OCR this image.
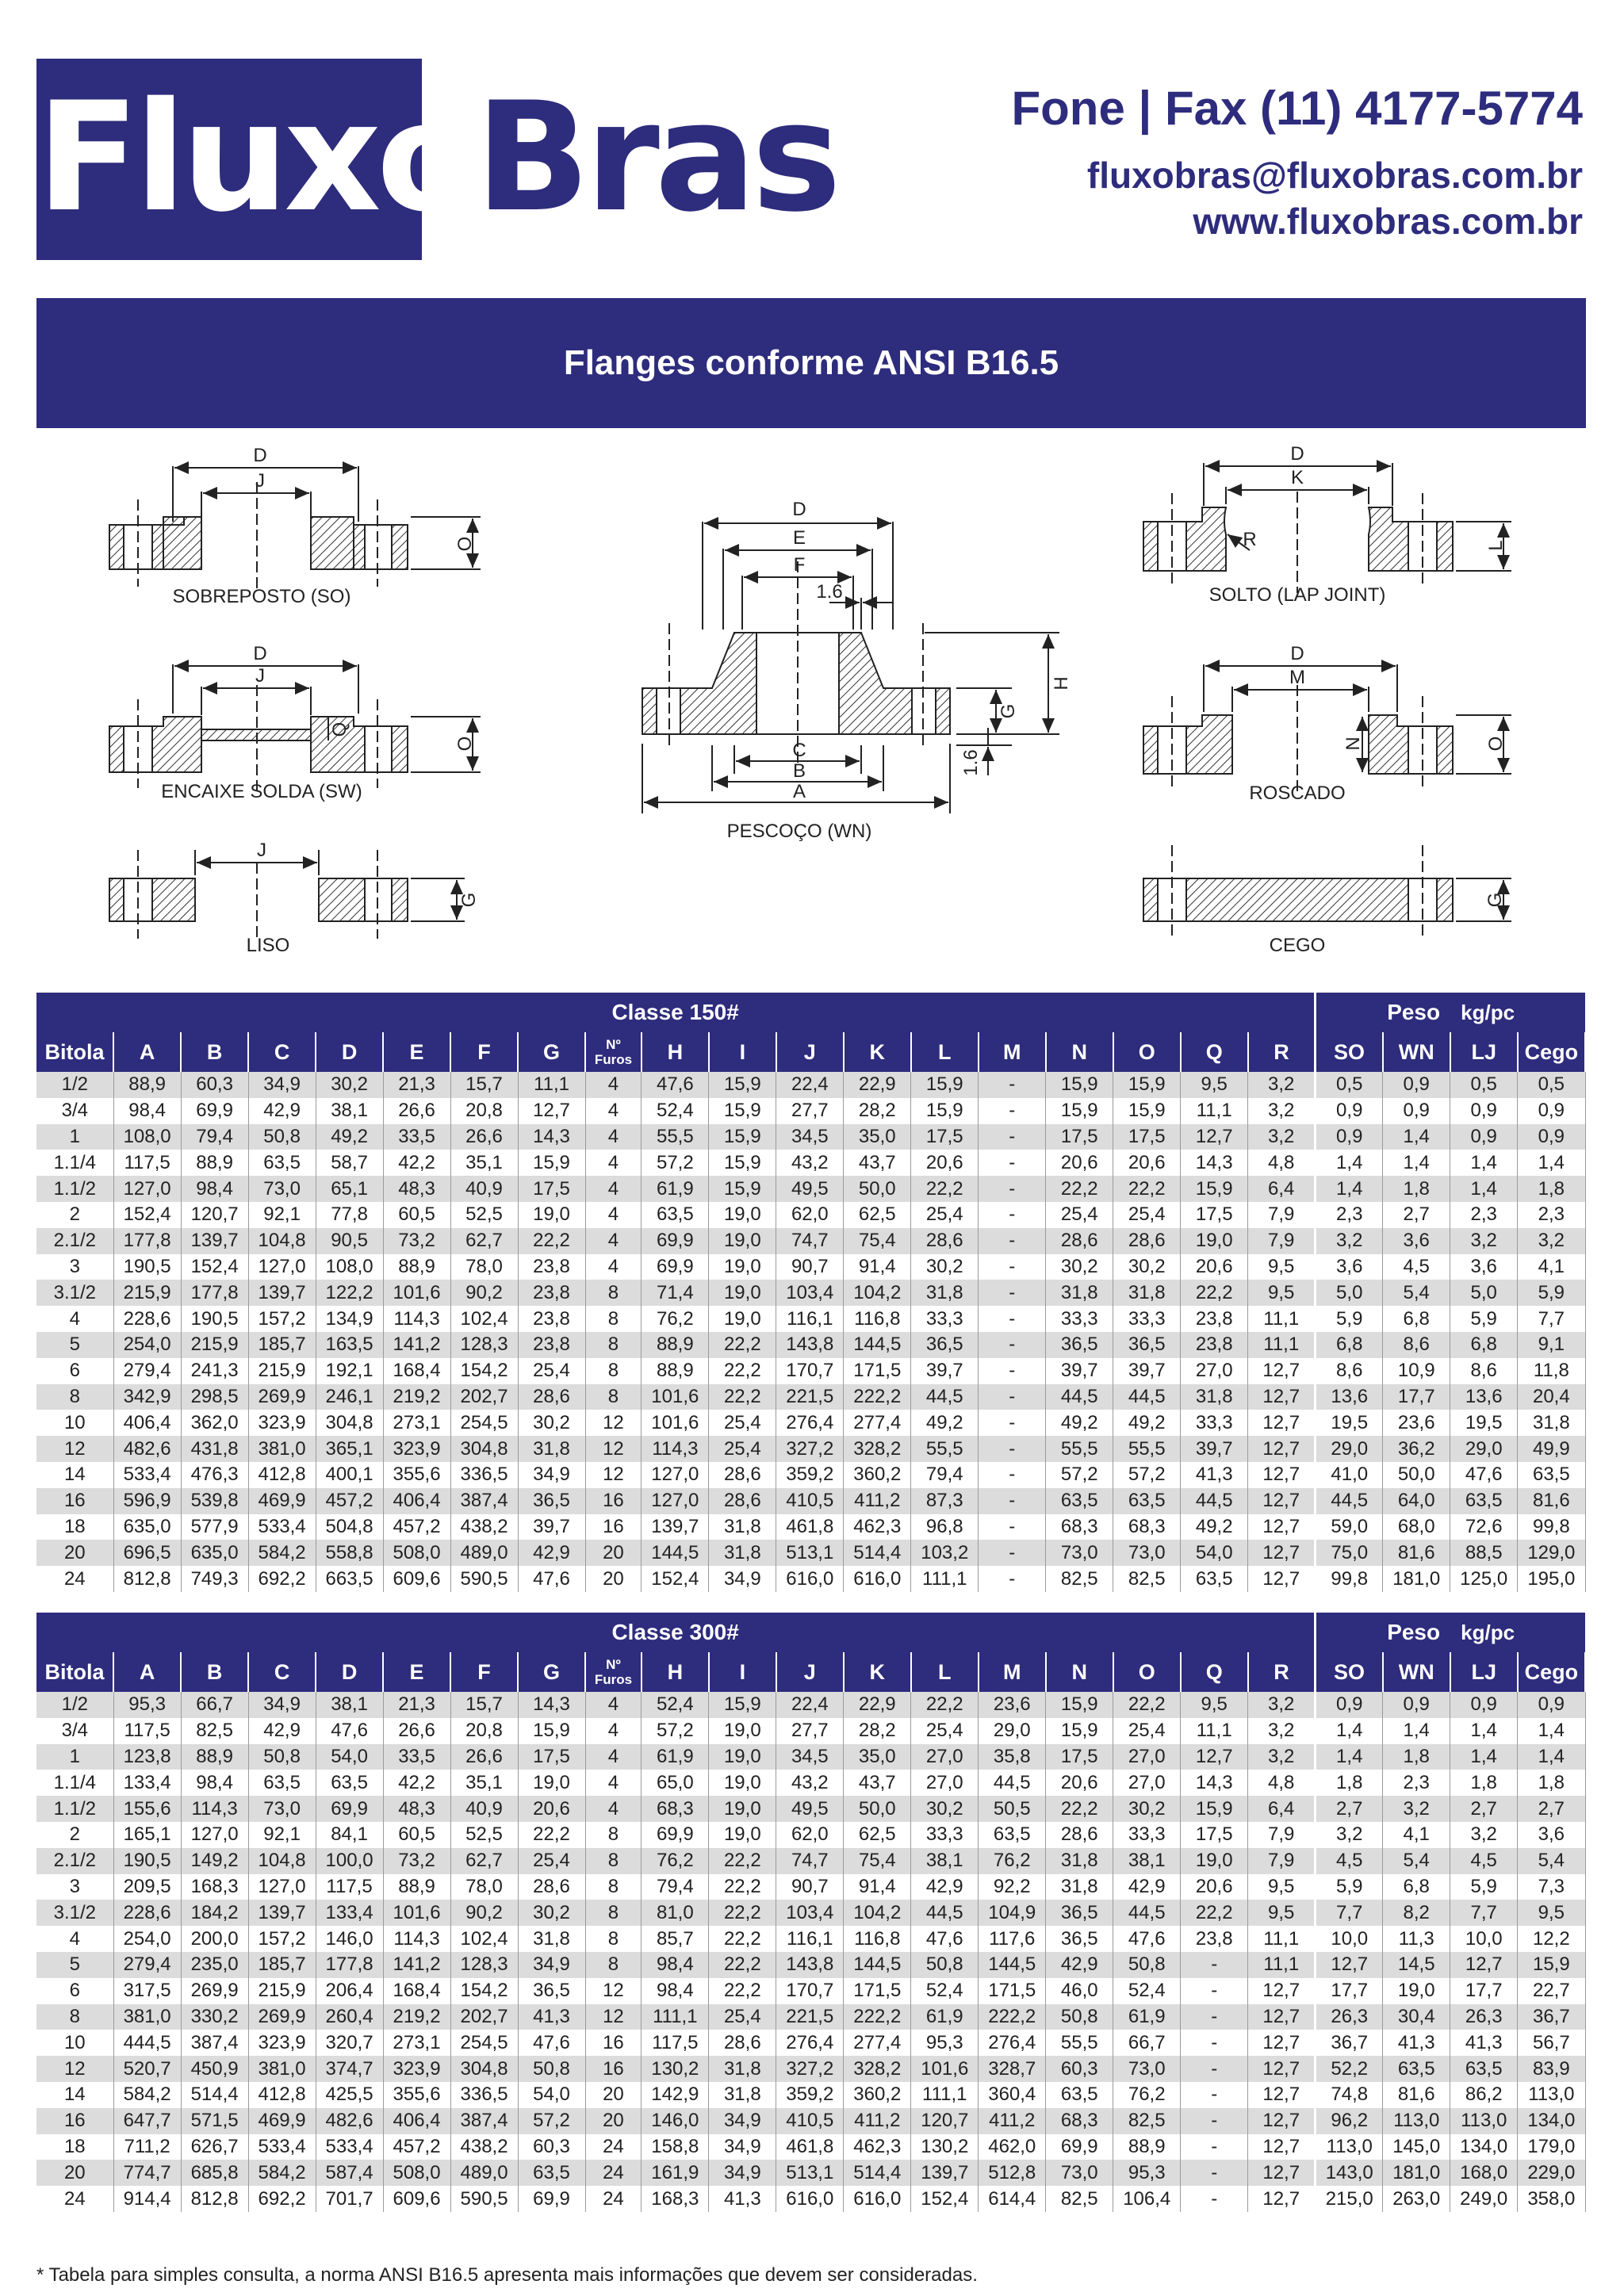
FluxoBras	Fone | Fax (11) 4177-5774
fluxobras@fluxobras.com.br
www.fluxobras.com.br
Flanges conforme ANSI B16.5
D
J
O
SOBREPOSTO (SO)
D
J
Q
O
ENCAIXE SOLDA (SW)
J
G
LISO
D
E
F
1.6
C
B
A
G
H
1.6
PESCOÇO (WN)
D
K
R	L
SOLTO (LAP JOINT)
D
M
N	O
ROSCADO
G
CEGO
Classe 150#																			Peso kg/pc			
Bitola	A	B	C	D	E	F	G	Nº
Furos	H	I	J	K	L	M	N	O	Q	R	SO	WN	LJ	Cego
1/2	88,9	60,3	34,9	30,2	21,3	15,7	11,1	4	47,6	15,9	22,4	22,9	15,9	-	15,9	15,9	9,5	3,2	0,5	0,9	0,5	0,5
3/4	98,4	69,9	42,9	38,1	26,6	20,8	12,7	4	52,4	15,9	27,7	28,2	15,9	-	15,9	15,9	11,1	3,2	0,9	0,9	0,9	0,9
1	108,0	79,4	50,8	49,2	33,5	26,6	14,3	4	55,5	15,9	34,5	35,0	17,5	-	17,5	17,5	12,7	3,2	0,9	1,4	0,9	0,9
1.1/4	117,5	88,9	63,5	58,7	42,2	35,1	15,9	4	57,2	15,9	43,2	43,7	20,6	-	20,6	20,6	14,3	4,8	1,4	1,4	1,4	1,4
1.1/2	127,0	98,4	73,0	65,1	48,3	40,9	17,5	4	61,9	15,9	49,5	50,0	22,2	-	22,2	22,2	15,9	6,4	1,4	1,8	1,4	1,8
2	152,4	120,7	92,1	77,8	60,5	52,5	19,0	4	63,5	19,0	62,0	62,5	25,4	-	25,4	25,4	17,5	7,9	2,3	2,7	2,3	2,3
2.1/2	177,8	139,7	104,8	90,5	73,2	62,7	22,2	4	69,9	19,0	74,7	75,4	28,6	-	28,6	28,6	19,0	7,9	3,2	3,6	3,2	3,2
3	190,5	152,4	127,0	108,0	88,9	78,0	23,8	4	69,9	19,0	90,7	91,4	30,2	-	30,2	30,2	20,6	9,5	3,6	4,5	3,6	4,1
3.1/2	215,9	177,8	139,7	122,2	101,6	90,2	23,8	8	71,4	19,0	103,4	104,2	31,8	-	31,8	31,8	22,2	9,5	5,0	5,4	5,0	5,9
4	228,6	190,5	157,2	134,9	114,3	102,4	23,8	8	76,2	19,0	116,1	116,8	33,3	-	33,3	33,3	23,8	11,1	5,9	6,8	5,9	7,7
5	254,0	215,9	185,7	163,5	141,2	128,3	23,8	8	88,9	22,2	143,8	144,5	36,5	-	36,5	36,5	23,8	11,1	6,8	8,6	6,8	9,1
6	279,4	241,3	215,9	192,1	168,4	154,2	25,4	8	88,9	22,2	170,7	171,5	39,7	-	39,7	39,7	27,0	12,7	8,6	10,9	8,6	11,8
8	342,9	298,5	269,9	246,1	219,2	202,7	28,6	8	101,6	22,2	221,5	222,2	44,5	-	44,5	44,5	31,8	12,7	13,6	17,7	13,6	20,4
10	406,4	362,0	323,9	304,8	273,1	254,5	30,2	12	101,6	25,4	276,4	277,4	49,2	-	49,2	49,2	33,3	12,7	19,5	23,6	19,5	31,8
12	482,6	431,8	381,0	365,1	323,9	304,8	31,8	12	114,3	25,4	327,2	328,2	55,5	-	55,5	55,5	39,7	12,7	29,0	36,2	29,0	49,9
14	533,4	476,3	412,8	400,1	355,6	336,5	34,9	12	127,0	28,6	359,2	360,2	79,4	-	57,2	57,2	41,3	12,7	41,0	50,0	47,6	63,5
16	596,9	539,8	469,9	457,2	406,4	387,4	36,5	16	127,0	28,6	410,5	411,2	87,3	-	63,5	63,5	44,5	12,7	44,5	64,0	63,5	81,6
18	635,0	577,9	533,4	504,8	457,2	438,2	39,7	16	139,7	31,8	461,8	462,3	96,8	-	68,3	68,3	49,2	12,7	59,0	68,0	72,6	99,8
20	696,5	635,0	584,2	558,8	508,0	489,0	42,9	20	144,5	31,8	513,1	514,4	103,2	-	73,0	73,0	54,0	12,7	75,0	81,6	88,5	129,0
24	812,8	749,3	692,2	663,5	609,6	590,5	47,6	20	152,4	34,9	616,0	616,0	111,1	-	82,5	82,5	63,5	12,7	99,8	181,0	125,0	195,0
Classe 300#																			Peso kg/pc			
Bitola	A	B	C	D	E	F	G	Nº
Furos	H	I	J	K	L	M	N	O	Q	R	SO	WN	LJ	Cego
1/2	95,3	66,7	34,9	38,1	21,3	15,7	14,3	4	52,4	15,9	22,4	22,9	22,2	23,6	15,9	22,2	9,5	3,2	0,9	0,9	0,9	0,9
3/4	117,5	82,5	42,9	47,6	26,6	20,8	15,9	4	57,2	19,0	27,7	28,2	25,4	29,0	15,9	25,4	11,1	3,2	1,4	1,4	1,4	1,4
1	123,8	88,9	50,8	54,0	33,5	26,6	17,5	4	61,9	19,0	34,5	35,0	27,0	35,8	17,5	27,0	12,7	3,2	1,4	1,8	1,4	1,4
1.1/4	133,4	98,4	63,5	63,5	42,2	35,1	19,0	4	65,0	19,0	43,2	43,7	27,0	44,5	20,6	27,0	14,3	4,8	1,8	2,3	1,8	1,8
1.1/2	155,6	114,3	73,0	69,9	48,3	40,9	20,6	4	68,3	19,0	49,5	50,0	30,2	50,5	22,2	30,2	15,9	6,4	2,7	3,2	2,7	2,7
2	165,1	127,0	92,1	84,1	60,5	52,5	22,2	8	69,9	19,0	62,0	62,5	33,3	63,5	28,6	33,3	17,5	7,9	3,2	4,1	3,2	3,6
2.1/2	190,5	149,2	104,8	100,0	73,2	62,7	25,4	8	76,2	22,2	74,7	75,4	38,1	76,2	31,8	38,1	19,0	7,9	4,5	5,4	4,5	5,4
3	209,5	168,3	127,0	117,5	88,9	78,0	28,6	8	79,4	22,2	90,7	91,4	42,9	92,2	31,8	42,9	20,6	9,5	5,9	6,8	5,9	7,3
3.1/2	228,6	184,2	139,7	133,4	101,6	90,2	30,2	8	81,0	22,2	103,4	104,2	44,5	104,9	36,5	44,5	22,2	9,5	7,7	8,2	7,7	9,5
4	254,0	200,0	157,2	146,0	114,3	102,4	31,8	8	85,7	22,2	116,1	116,8	47,6	117,6	36,5	47,6	23,8	11,1	10,0	11,3	10,0	12,2
5	279,4	235,0	185,7	177,8	141,2	128,3	34,9	8	98,4	22,2	143,8	144,5	50,8	144,5	42,9	50,8	-	11,1	12,7	14,5	12,7	15,9
6	317,5	269,9	215,9	206,4	168,4	154,2	36,5	12	98,4	22,2	170,7	171,5	52,4	171,5	46,0	52,4	-	12,7	17,7	19,0	17,7	22,7
8	381,0	330,2	269,9	260,4	219,2	202,7	41,3	12	111,1	25,4	221,5	222,2	61,9	222,2	50,8	61,9	-	12,7	26,3	30,4	26,3	36,7
10	444,5	387,4	323,9	320,7	273,1	254,5	47,6	16	117,5	28,6	276,4	277,4	95,3	276,4	55,5	66,7	-	12,7	36,7	41,3	41,3	56,7
12	520,7	450,9	381,0	374,7	323,9	304,8	50,8	16	130,2	31,8	327,2	328,2	101,6	328,7	60,3	73,0	-	12,7	52,2	63,5	63,5	83,9
14	584,2	514,4	412,8	425,5	355,6	336,5	54,0	20	142,9	31,8	359,2	360,2	111,1	360,4	63,5	76,2	-	12,7	74,8	81,6	86,2	113,0
16	647,7	571,5	469,9	482,6	406,4	387,4	57,2	20	146,0	34,9	410,5	411,2	120,7	411,2	68,3	82,5	-	12,7	96,2	113,0	113,0	134,0
18	711,2	626,7	533,4	533,4	457,2	438,2	60,3	24	158,8	34,9	461,8	462,3	130,2	462,0	69,9	88,9	-	12,7	113,0	145,0	134,0	179,0
20	774,7	685,8	584,2	587,4	508,0	489,0	63,5	24	161,9	34,9	513,1	514,4	139,7	512,8	73,0	95,3	-	12,7	143,0	181,0	168,0	229,0
24	914,4	812,8	692,2	701,7	609,6	590,5	69,9	24	168,3	41,3	616,0	616,0	152,4	614,4	82,5	106,4	-	12,7	215,0	263,0	249,0	358,0
* Tabela para simples consulta, a norma ANSI B16.5 apresenta mais informações que devem ser consideradas.
